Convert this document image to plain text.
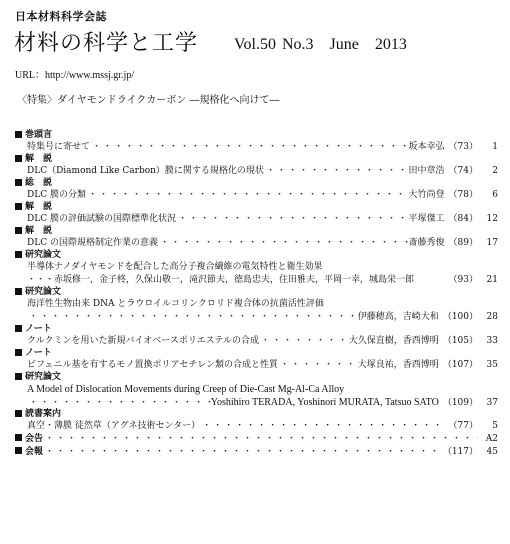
日本材料科学会誌
材料の科学と工学 Vol.50 No.3 June 2013
URL：http://www.mssj.gr.jp/
〈特集〉ダイヤモンドライクカーボン ―規格化へ向けて―
巻頭言
特集号に寄せて ・・・・・・・・・・・・・・・・・・・・・・・・・・・・・・・・・・・・・・・・・・・・・・・・・・・・・・・・・・・・・・・・・・・・・・	坂本幸弘 （73）	1
解　説
DLC（Diamond Like Carbon）膜に関する規格化の現状 ・・・・・・・・・・・・・・・・・・・・・・・・・・・・・・・・・・・・・・・・・・・・・・・・・・・・・・・・・・・・・・・・・・・・・・	田中章浩 （74）	2
総　説
DLC 膜の分類 ・・・・・・・・・・・・・・・・・・・・・・・・・・・・・・・・・・・・・・・・・・・・・・・・・・・・・・・・・・・・・・・・・・・・・・	大竹尚登 （78）	6
解　説
DLC 膜の評価試験の国際標準化状況 ・・・・・・・・・・・・・・・・・・・・・・・・・・・・・・・・・・・・・・・・・・・・・・・・・・・・・・・・・・・・・・・・・・・・・・	平塚傑工 （84） 12
解　説
DLC の国際規格制定作業の意義 ・・・・・・・・・・・・・・・・・・・・・・・・・・・・・・・・・・・・・・・・・・・・・・・・・・・・・・・・・・・・・・・・・・・・・・	斎藤秀俊 （89） 17
研究論文
半導体ナノダイヤモンドを配合した高分子複合繊維の電気特性と衛生効果
・・・赤坂修一，金子柊，久保山敬一，滝沢節夫，徳島忠夫，住田雅夫，平岡一幸，城島栄一郎	（93） 21
研究論文
海洋性生物由来 DNA とラウロイルコリンクロリド複合体の抗菌活性評価
・・・・・・・・・・・・・・・・・・・・・・・・・・・・・・・・・・・・・・・・・・・・・・・・・・・・・・・・・・・・・・・・・・・・・・
伊藤穂高，吉崎大和 （100） 28
ノート
クルクミンを用いた新規バイオベースポリエステルの合成 ・・・・・・・・・・・・・・・・・・・・・・・・・・・・・・・・・・・・・・・・・・・・・・・・・・・・・・・・・・・・・・・・・・・・・・	大久保直樹，香西博明 （105） 33
ノート
ビフェニル基を有するモノ置換ポリアセチレン類の合成と性質 ・・・・・・・・・・・・・・・・・・・・・・・・・・・・・・・・・・・・・・・・・・・・・・・・・・・・・・・・・・・・・・・・・・・・・・	大塚良祐，香西博明 （107） 35
研究論文
A Model of Dislocation Movements during Creep of Die-Cast Mg-Al-Ca Alloy
・・・・・・・・・・・・・・・・・・・・・・・・・・・・・・・・・・・・・・・・・・・・・・・・・・・・・・・・・・・・・・・・・・・・・・
Yoshihiro TERADA, Yoshinori MURATA, Tatsuo SATO （109） 37
読書案内
真空・薄膜 徒然草（アグネ技術センター） ・・・・・・・・・・・・・・・・・・・・・・・・・・・・・・・・・・・・・・・・・・・・・・・・・・・・・・・・・・・・・・・・・・・・・・	（77）	5
会告 ・・・・・・・・・・・・・・・・・・・・・・・・・・・・・・・・・・・・・・・・・・・・・・・・・・・・・・・・・・・・・・・・・・・・・・	A2
会報 ・・・・・・・・・・・・・・・・・・・・・・・・・・・・・・・・・・・・・・・・・・・・・・・・・・・・・・・・・・・・・・・・・・・・・・	（117） 45
